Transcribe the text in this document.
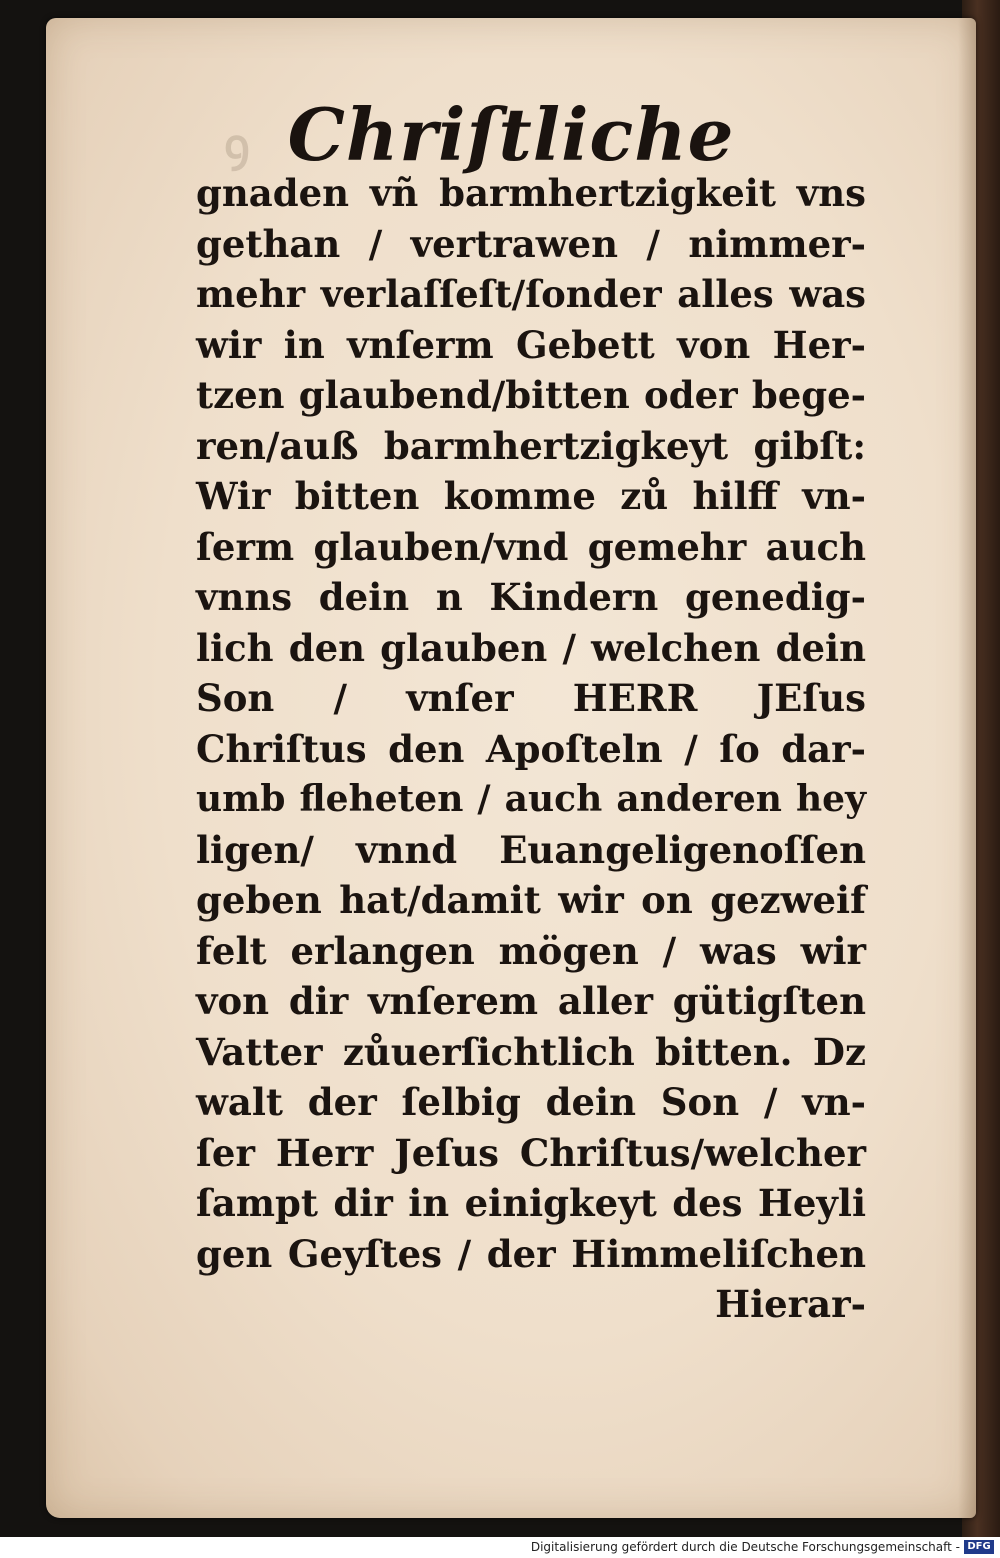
ꝯ Chriſtliche
gnaden vñ barmhertzigkeit vns
gethan / vertrawen / nimmer-
mehr verlaſſeſt/ſonder alles was
wir in vnſerm Gebett von Her-
tzen glaubend/bitten oder bege-
ren/auß barmhertzigkeyt gibſt:
Wir bitten komme zů hilff vn-
ſerm glauben/vnd gemehr auch
vnns dein n Kindern genedig-
lich den glauben / welchen dein
Son / vnſer HERR JEſus
Chriſtus den Apoſteln / ſo dar-
umb fleheten / auch anderen hey
ligen/ vnnd Euangeligenoſſen
geben hat/damit wir on gezweif
felt erlangen mögen / was wir
von dir vnſerem aller gütigſten
Vatter zůuerſichtlich bitten. Dz
walt der ſelbig dein Son / vn-
ſer Herr Jeſus Chriſtus/welcher
ſampt dir in einigkeyt des Heyli
gen Geyſtes / der Himmeliſchen
Hierar-
Digitalisierung gefördert durch die Deutsche Forschungsgemeinschaft - DFG
